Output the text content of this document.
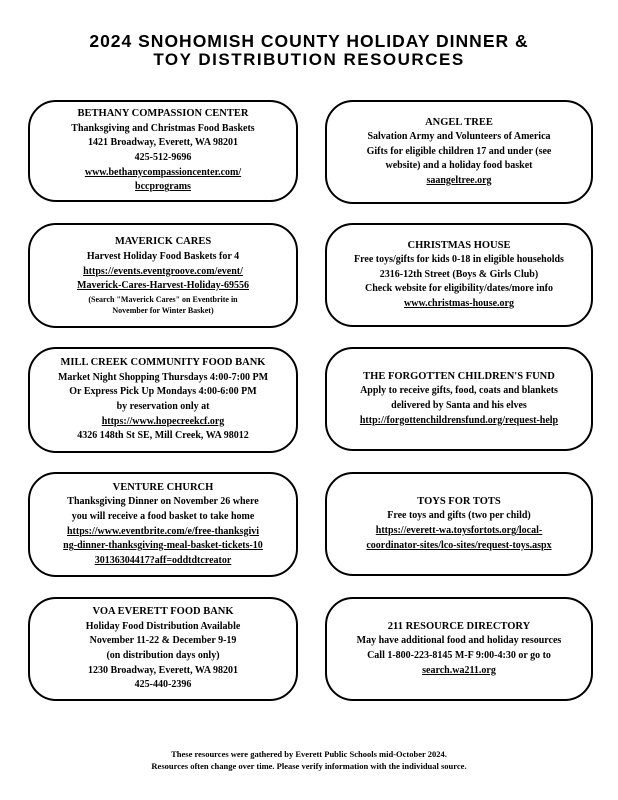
2024 SNOHOMISH COUNTY HOLIDAY DINNER &
TOY DISTRIBUTION RESOURCES
BETHANY COMPASSION CENTER
Thanksgiving and Christmas Food Baskets
1421 Broadway, Everett, WA 98201
425-512-9696
www.bethanycompassioncenter.com/
bccprograms
ANGEL TREE
Salvation Army and Volunteers of America
Gifts for eligible children 17 and under (see
website) and a holiday food basket
saangeltree.org
MAVERICK CARES
Harvest Holiday Food Baskets for 4
https://events.eventgroove.com/event/
Maverick-Cares-Harvest-Holiday-69556
(Search "Maverick Cares" on Eventbrite in
November for Winter Basket)
CHRISTMAS HOUSE
Free toys/gifts for kids 0-18 in eligible households
2316-12th Street (Boys & Girls Club)
Check website for eligibility/dates/more info
www.christmas-house.org
MILL CREEK COMMUNITY FOOD BANK
Market Night Shopping Thursdays 4:00-7:00 PM
Or Express Pick Up Mondays 4:00-6:00 PM
by reservation only at
https://www.hopecreekcf.org
4326 148th St SE, Mill Creek, WA 98012
THE FORGOTTEN CHILDREN'S FUND
Apply to receive gifts, food, coats and blankets
delivered by Santa and his elves
http://forgottenchildrensfund.org/request-help
VENTURE CHURCH
Thanksgiving Dinner on November 26 where
you will receive a food basket to take home
https://www.eventbrite.com/e/free-thanksgivi
ng-dinner-thanksgiving-meal-basket-tickets-10
30136304417?aff=oddtdtcreator
TOYS FOR TOTS
Free toys and gifts (two per child)
https://everett-wa.toysfortots.org/local-
coordinator-sites/lco-sites/request-toys.aspx
VOA EVERETT FOOD BANK
Holiday Food Distribution Available
November 11-22 & December 9-19
(on distribution days only)
1230 Broadway, Everett, WA 98201
425-440-2396
211 RESOURCE DIRECTORY
May have additional food and holiday resources
Call 1-800-223-8145 M-F 9:00-4:30 or go to
search.wa211.org
These resources were gathered by Everett Public Schools mid-October 2024.
Resources often change over time. Please verify information with the individual source.
